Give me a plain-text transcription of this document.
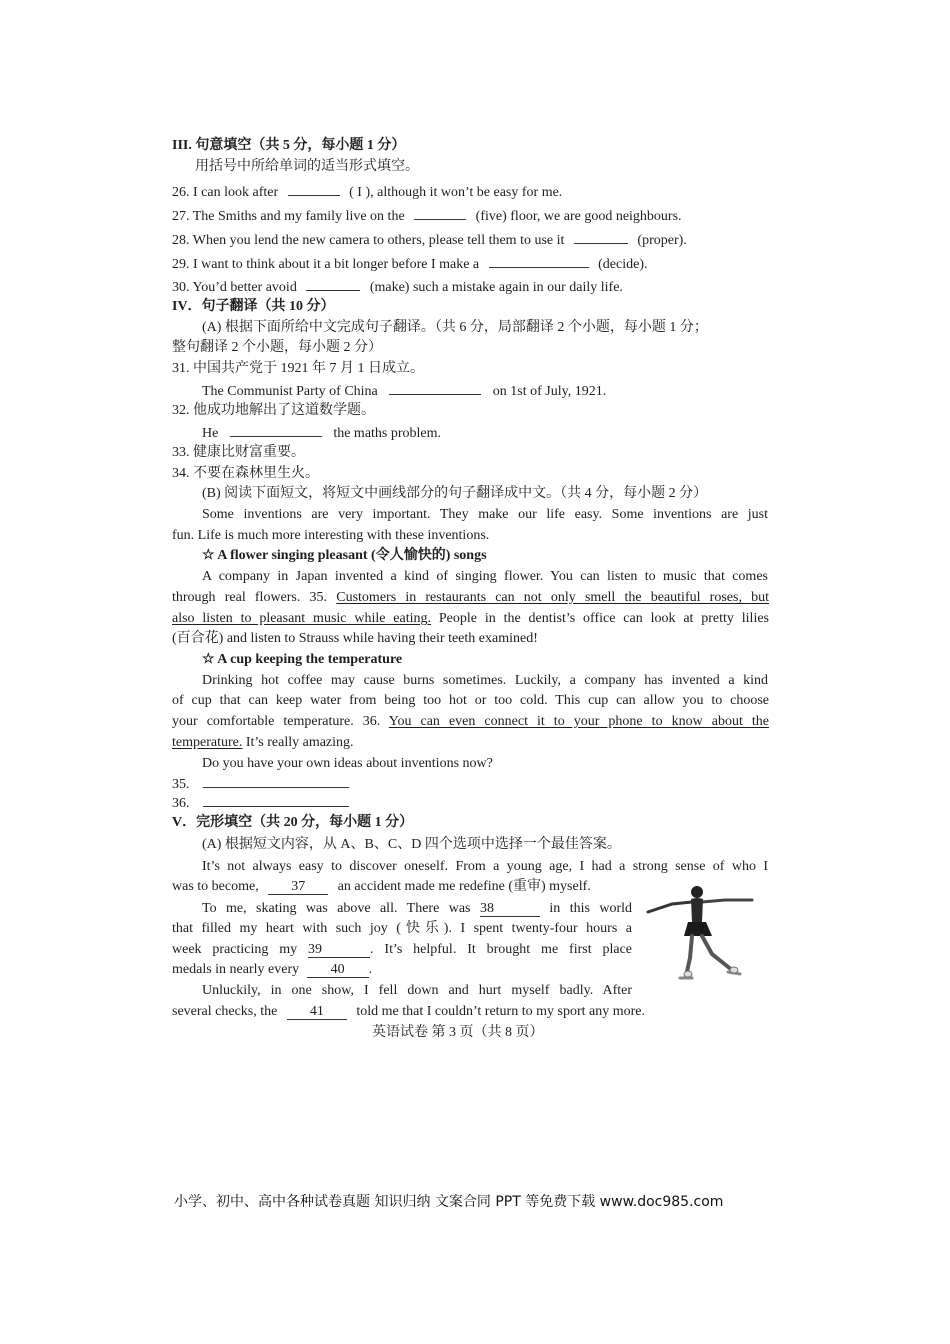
III. 句意填空（共 5 分，每小题 1 分）
用括号中所给单词的适当形式填空。
26. I can look after	( I ), although it won’t be easy for me.
27. The Smiths and my family live on the	(five) floor, we are good neighbours.
28. When you lend the new camera to others, please tell them to use it	(proper).
29. I want to think about it a bit longer before I make a	(decide).
30. You’d better avoid	(make) such a mistake again in our daily life.
IV．句子翻译（共 10 分）
(A) 根据下面所给中文完成句子翻译。（共 6 分，局部翻译 2 个小题，每小题 1 分；
整句翻译 2 个小题，每小题 2 分）
31. 中国共产党于 1921 年 7 月 1 日成立。
The Communist Party of China	on 1st of July, 1921.
32. 他成功地解出了这道数学题。
He	the maths problem.
33. 健康比财富重要。
34. 不要在森林里生火。
(B) 阅读下面短文，将短文中画线部分的句子翻译成中文。（共 4 分，每小题 2 分）
Some inventions are very important. They make our life easy. Some inventions are just
fun. Life is much more interesting with these inventions.
☆ A flower singing pleasant (令人愉快的) songs
A company in Japan invented a kind of singing flower. You can listen to music that comes
through real flowers. 35. Customers in restaurants can not only smell the beautiful roses, but
also listen to pleasant music while eating. People in the dentist’s office can look at pretty lilies
(百合花) and listen to Strauss while having their teeth examined!
☆ A cup keeping the temperature
Drinking hot coffee may cause burns sometimes. Luckily, a company has invented a kind
of cup that can keep water from being too hot or too cold. This cup can allow you to choose
your comfortable temperature. 36. You can even connect it to your phone to know about the
temperature. It’s really amazing.
Do you have your own ideas about inventions now?
35.
36.
V．完形填空（共 20 分，每小题 1 分）
(A) 根据短文内容，从 A、B、C、D 四个选项中选择一个最佳答案。
It’s not always easy to discover oneself. From a young age, I had a strong sense of who I
was to become, 37 an accident made me redefine (重审) myself.
To me, skating was above all. There was 38	in this world
that filled my heart with such joy (快乐). I spent twenty-four hours a
week practicing my 39	. It’s helpful. It brought me first place
medals in nearly every 40 .
Unluckily, in one show, I fell down and hurt myself badly. After
several checks, the 41 told me that I couldn’t return to my sport any more.
英语试卷 第 3 页（共 8 页）
小学、初中、高中各种试卷真题 知识归纳 文案合同 PPT 等免费下载 www.doc985.com
